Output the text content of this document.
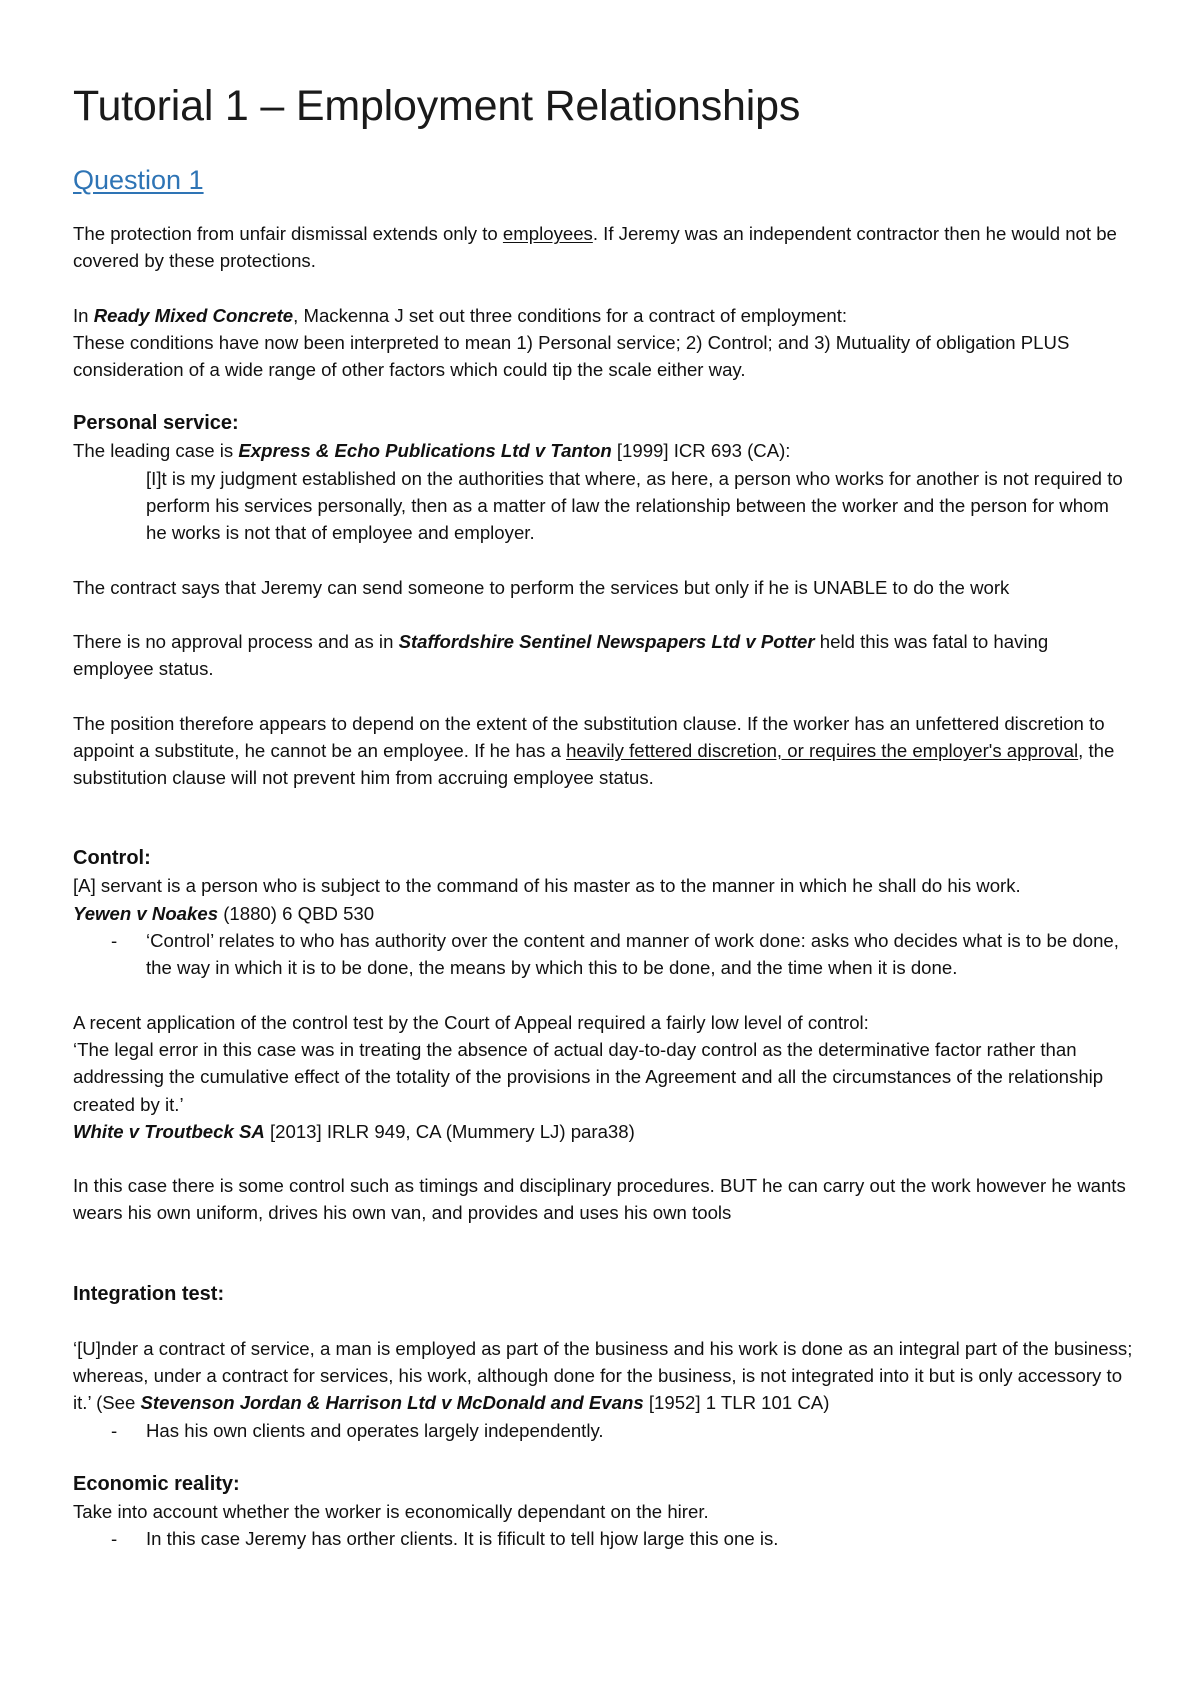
Tutorial 1 – Employment Relationships
Question 1

The protection from unfair dismissal extends only to employees. If Jeremy was an independent contractor then he would not be covered by these protections.

In Ready Mixed Concrete, Mackenna J set out three conditions for a contract of employment:

These conditions have now been interpreted to mean 1) Personal service; 2) Control; and 3) Mutuality of obligation PLUS consideration of a wide range of other factors which could tip the scale either way.

Personal service:

The leading case is Express & Echo Publications Ltd v Tanton [1999] ICR 693 (CA):

[I]t is my judgment established on the authorities that where, as here, a person who works for another is not required to perform his services personally, then as a matter of law the relationship between the worker and the person for whom he works is not that of employee and employer.

The contract says that Jeremy can send someone to perform the services but only if he is UNABLE to do the work

There is no approval process and as in Staffordshire Sentinel Newspapers Ltd v Potter held this was fatal to having employee status.

The position therefore appears to depend on the extent of the substitution clause. If the worker has an unfettered discretion to appoint a substitute, he cannot be an employee. If he has a heavily fettered discretion, or requires the employer's approval, the substitution clause will not prevent him from accruing employee status.

Control:

[A] servant is a person who is subject to the command of his master as to the manner in which he shall do his work.

Yewen v Noakes (1880) 6 QBD 530

- ‘Control’ relates to who has authority over the content and manner of work done: asks who decides what is to be done, the way in which it is to be done, the means by which this to be done, and the time when it is done.

A recent application of the control test by the Court of Appeal required a fairly low level of control:

‘The legal error in this case was in treating the absence of actual day-to-day control as the determinative factor rather than addressing the cumulative effect of the totality of the provisions in the Agreement and all the circumstances of the relationship created by it.’

White v Troutbeck SA [2013] IRLR 949, CA (Mummery LJ) para38)

In this case there is some control such as timings and disciplinary procedures. BUT he can carry out the work however he wants wears his own uniform, drives his own van, and provides and uses his own tools

Integration test:

‘[U]nder a contract of service, a man is employed as part of the business and his work is done as an integral part of the business; whereas, under a contract for services, his work, although done for the business, is not integrated into it but is only accessory to it.’ (See Stevenson Jordan & Harrison Ltd v McDonald and Evans [1952] 1 TLR 101 CA)

- Has his own clients and operates largely independently.

Economic reality:

Take into account whether the worker is economically dependant on the hirer.

- In this case Jeremy has orther clients. It is fificult to tell hjow large this one is.
